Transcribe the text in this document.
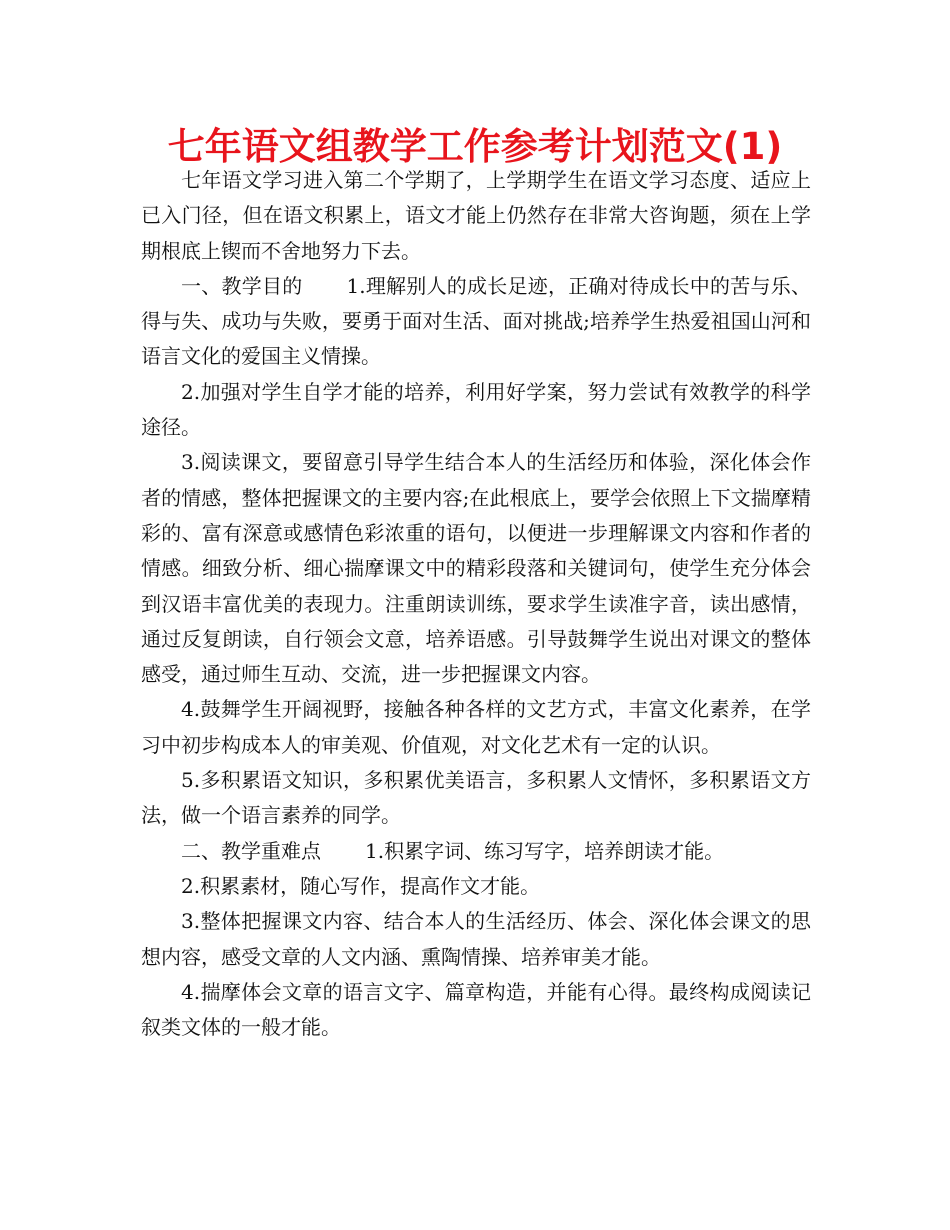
七年语文组教学工作参考计划范文(1)

七年语文学习进入第二个学期了，上学期学生在语文学习态度、适应上已入门径，但在语文积累上，语文才能上仍然存在非常大咨询题，须在上学期根底上锲而不舍地努力下去。

一、教学目的 1.理解别人的成长足迹，正确对待成长中的苦与乐、得与失、成功与失败，要勇于面对生活、面对挑战;培养学生热爱祖国山河和语言文化的爱国主义情操。

2.加强对学生自学才能的培养，利用好学案，努力尝试有效教学的科学途径。

3.阅读课文，要留意引导学生结合本人的生活经历和体验，深化体会作者的情感，整体把握课文的主要内容;在此根底上，要学会依照上下文揣摩精彩的、富有深意或感情色彩浓重的语句，以便进一步理解课文内容和作者的情感。细致分析、细心揣摩课文中的精彩段落和关键词句，使学生充分体会到汉语丰富优美的表现力。注重朗读训练，要求学生读准字音，读出感情，通过反复朗读，自行领会文意，培养语感。引导鼓舞学生说出对课文的整体感受，通过师生互动、交流，进一步把握课文内容。

4.鼓舞学生开阔视野，接触各种各样的文艺方式，丰富文化素养，在学习中初步构成本人的审美观、价值观，对文化艺术有一定的认识。

5.多积累语文知识，多积累优美语言，多积累人文情怀，多积累语文方法，做一个语言素养的同学。

二、教学重难点 1.积累字词、练习写字，培养朗读才能。

2.积累素材，随心写作，提高作文才能。

3.整体把握课文内容、结合本人的生活经历、体会、深化体会课文的思想内容，感受文章的人文内涵、熏陶情操、培养审美才能。

4.揣摩体会文章的语言文字、篇章构造，并能有心得。最终构成阅读记叙类文体的一般才能。
